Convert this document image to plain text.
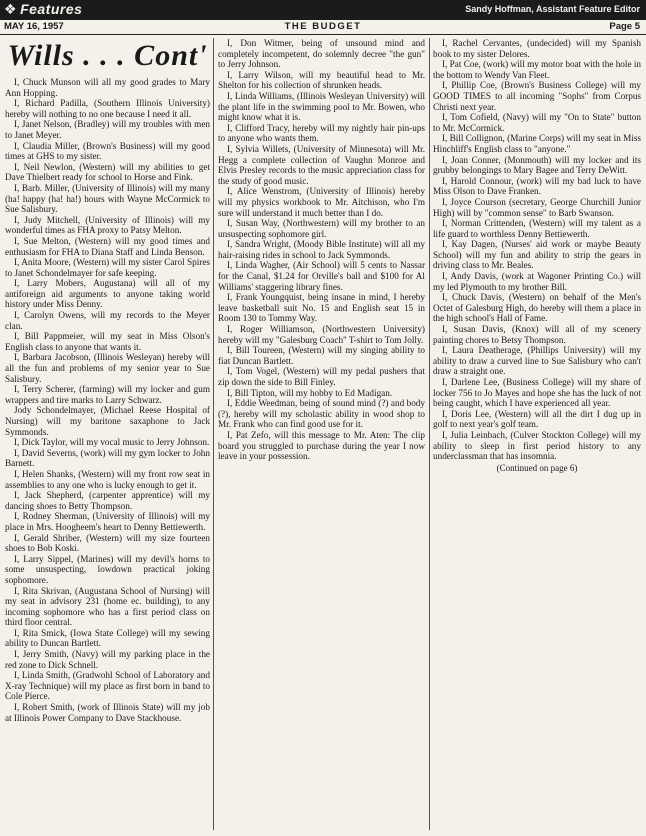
❖ Features	Sandy Hoffman, Assistant Feature Editor
MAY 16, 1957	THE BUDGET	Page 5
Wills . . . Cont'

I, Chuck Munson will all my good grades to Mary Ann Hopping.

I, Richard Padilla, (Southern Illinois University) hereby will nothing to no one because I need it all.

I, Janet Nelson, (Bradley) will my troubles with men to Janet Meyer.

I, Claudia Miller, (Brown's Business) will my good times at GHS to my sister.

I, Neil Newlon, (Western) will my abilities to get Dave Thielbert ready for school to Horse and Fink.

I, Barb. Miller, (University of Illinois) will my many (ha! happy (ha! ha!) hours with Wayne McCormick to Sue Salisbury.

I, Judy Mitchell, (University of Illinois) will my wonderful times as FHA proxy to Patsy Melton.

I, Sue Melton, (Western) will my good times and enthusiasm for FHA to Diana Staff and Linda Benson.

I, Anita Moore, (Western) will my sister Carol Spires to Janet Schondelmayer for safe keeping.

I, Larry Mobers, Augustana) will all of my antiforeign aid arguments to anyone taking world history under Miss Denny.

I, Carolyn Owens, will my records to the Meyer clan.

I, Bill Pappmeier, will my seat in Miss Olson's English class to anyone that wants it.

I, Barbara Jacobson, (Illinois Wesleyan) hereby will all the fun and problems of my senior year to Sue Salisbury.

I, Terry Scherer, (farming) will my locker and gum wrappers and tire marks to Larry Schwarz.

Jody Schondelmayer, (Michael Reese Hospital of Nursing) will my baritone saxaphone to Jack Symmonds.

I, Dick Taylor, will my vocal music to Jerry Johnson.

I, David Severns, (work) will my gym locker to John Barnett.

I, Helen Shanks, (Western) will my front row seat in assemblies to any one who is lucky enough to get it.

I, Jack Shepherd, (carpenter apprentice) will my dancing shoes to Betty Thompson.

I, Rodney Sherman, (University of Illinois) will my place in Mrs. Hoogheem's heart to Denny Bettiewerth.

I, Gerald Shriber, (Western) will my size fourteen shoes to Bob Koski.

I, Larry Sippel, (Marines) will my devil's horns to some unsuspecting, lowdown practical joking sophomore.

I, Rita Skrivan, (Augustana School of Nursing) will my seat in advisory 231 (home ec. building), to any incoming sophomore who has a first period class on third floor central.

I, Rita Smick, (Iowa State College) will my sewing ability to Duncan Bartlett.

I, Jerry Smith, (Navy) will my parking place in the red zone to Dick Schnell.

I, Linda Smith, (Gradwohl School of Laboratory and X-ray Technique) will my place as first born in band to Cole Pierce.

I, Robert Smith, (work of Illinois State) will my job at Illinois Power Company to Dave Stackhouse.

I, Don Witmer, being of unsound mind and completely incompetent, do solemnly decree "the gun" to Jerry Johnson.

I, Larry Wilson, will my beautiful head to Mr. Shelton for his collection of shrunken heads.

I, Linda Williams, (Illinois Wesleyan University) will the plant life in the swimming pool to Mr. Bowen, who might know what it is.

I, Clifford Tracy, hereby will my nightly hair pin-ups to anyone who wants them.

I, Sylvia Willets, (University of Minnesota) will Mr. Hegg a complete collection of Vaughn Monroe and Elvis Presley records to the music appreciation class for the study of good music.

I, Alice Wenstrom, (University of Illinois) hereby will my physics workbook to Mr. Aitchison, who I'm sure will understand it much better than I do.

I, Susan Way, (Northwestern) will my brother to an unsuspecting sophomore girl.

I, Sandra Wright, (Moody Bible Institute) will all my hair-raising rides in school to Jack Symmonds.

I, Linda Wagher, (Air School) will 5 cents to Nassar for the Canal, $1.24 for Orville's ball and $100 for Al Williams' staggering library fines.

I, Frank Youngquist, being insane in mind, I hereby leave basketball suit No. 15 and English seat 15 in Room 130 to Tommy Way.

I, Roger Williamson, (Northwestern University) hereby will my "Galesburg Coach" T-shirt to Tom Jolly.

I, Bill Toureen, (Western) will my singing ability to fiat Duncan Bartlett.

I, Tom Vogel, (Western) will my pedal pushers that zip down the side to Bill Finley.

I, Bill Tipton, will my hobby to Ed Madigan.

I, Eddie Weedman, being of sound mind (?) and body (?), hereby will my scholastic ability in wood shop to Mr. Frank who can find good use for it.

I, Pat Zefo, will this message to Mr. Aten: The clip board you struggled to purchase during the year I now leave in your possession.

I, Rachel Cervantes, (undecided) will my Spanish book to my sister Delores.

I, Pat Coe, (work) will my motor boat with the hole in the bottom to Wendy Van Fleet.

I, Phillip Coe, (Brown's Business College) will my GOOD TIMES to all incoming "Sophs" from Corpus Christi next year.

I, Tom Cofield, (Navy) will my "On to State" button to Mr. McCormick.

I, Bill Collignon, (Marine Corps) will my seat in Miss Hinchliff's English class to "anyone."

I, Joan Conner, (Monmouth) will my locker and its grubby belongings to Mary Bagee and Terry DeWitt.

I, Harold Connour, (work) will my bad luck to have Miss Olson to Dave Franken.

I, Joyce Courson (secretary, George Churchill Junior High) will by "common sense" to Barb Swanson.

I, Norman Crittenden, (Western) will my talent as a life guard to worthless Denny Bettiewerth.

I, Kay Dagen, (Nurses' aid work or maybe Beauty School) will my fun and ability to strip the gears in driving class to Mr. Beales.

I, Andy Davis, (work at Wagoner Printing Co.) will my led Plymouth to my brother Bill.

I, Chuck Davis, (Western) on behalf of the Men's Octet of Galesburg High, do hereby will them a place in the high school's Hall of Fame.

I, Susan Davis, (Knox) will all of my scenery painting chores to Betsy Thompson.

I, Laura Deatherage, (Phillips University) will my ability to draw a curved line to Sue Salisbury who can't draw a straight one.

I, Darlene Lee, (Business College) will my share of locker 756 to Jo Mayes and hope she has the luck of not being caught, which I have experienced all year.

I, Doris Lee, (Western) will all the dirt I dug up in golf to next year's golf team.

I, Julia Leinbach, (Culver Stockton College) will my ability to sleep in first period history to any underclassman that has insomnia.

(Continued on page 6)
